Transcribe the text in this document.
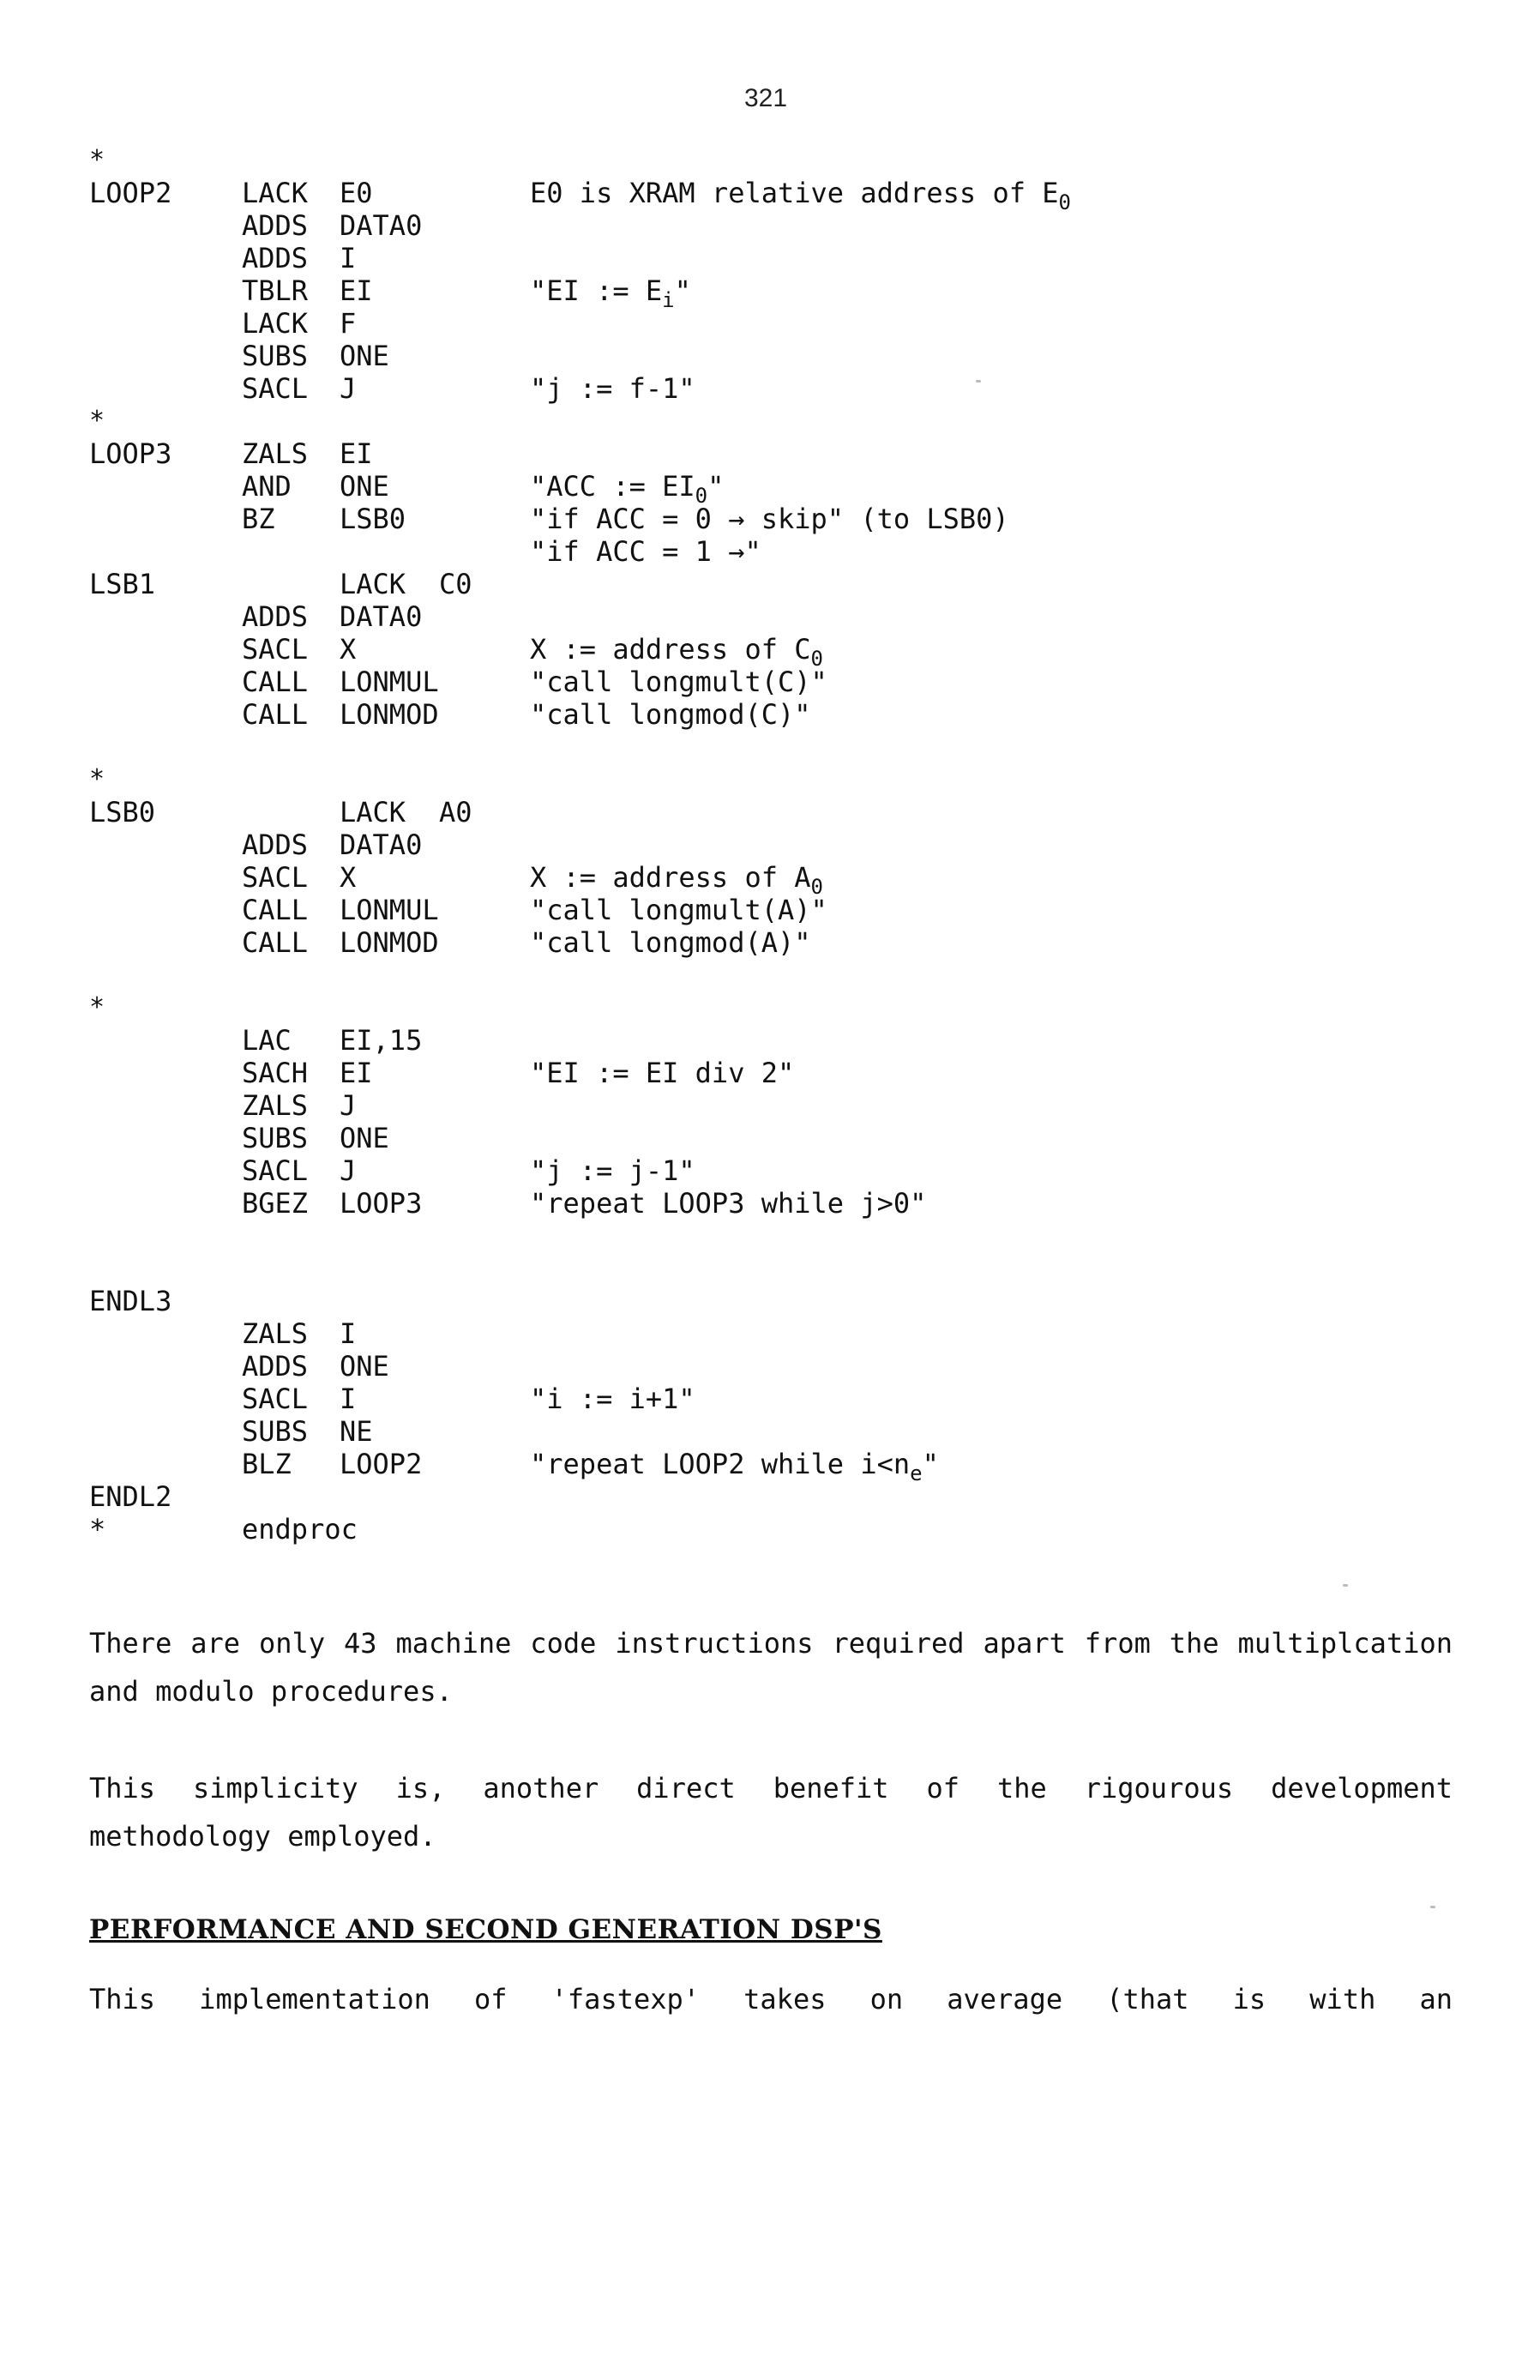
321
*
LOOP2	LACK E0	E0 is XRAM relative address of $E_0$
ADDS DATA0
ADDS I
TBLR EI	"EI := $E_i$"
LACK F
SUBS ONE
SACL J	"j := f-1"
*
LOOP3	ZALS EI
AND ONE	"ACC := $EI_0$"
BZ LSB0	"if ACC = 0 → skip" (to LSB0)
"if ACC = 1 →"
LSB1	LACK C0
ADDS DATA0
SACL X	X := address of $C_0$
CALL LONMUL	"call longmult(C)"
CALL LONMOD	"call longmod(C)"
*
LSB0	LACK A0
ADDS DATA0
SACL X	X := address of $A_0$
CALL LONMUL	"call longmult(A)"
CALL LONMOD	"call longmod(A)"
*
LAC EI,15
SACH EI	"EI := EI div 2"
ZALS J
SUBS ONE
SACL J	"j := j-1"
BGEZ LOOP3	"repeat LOOP3 while j>0"
ENDL3
ZALS I
ADDS ONE
SACL I	"i := i+1"
SUBS NE
BLZ LOOP2	"repeat LOOP2 while $i<n_e$"
ENDL2
*	endproc
There are only 43 machine code instructions required apart from the multiplcation and modulo procedures.
This simplicity is, another direct benefit of the rigourous development methodology employed.
PERFORMANCE AND SECOND GENERATION DSP'S
This implementation of 'fastexp' takes on average (that is with an
